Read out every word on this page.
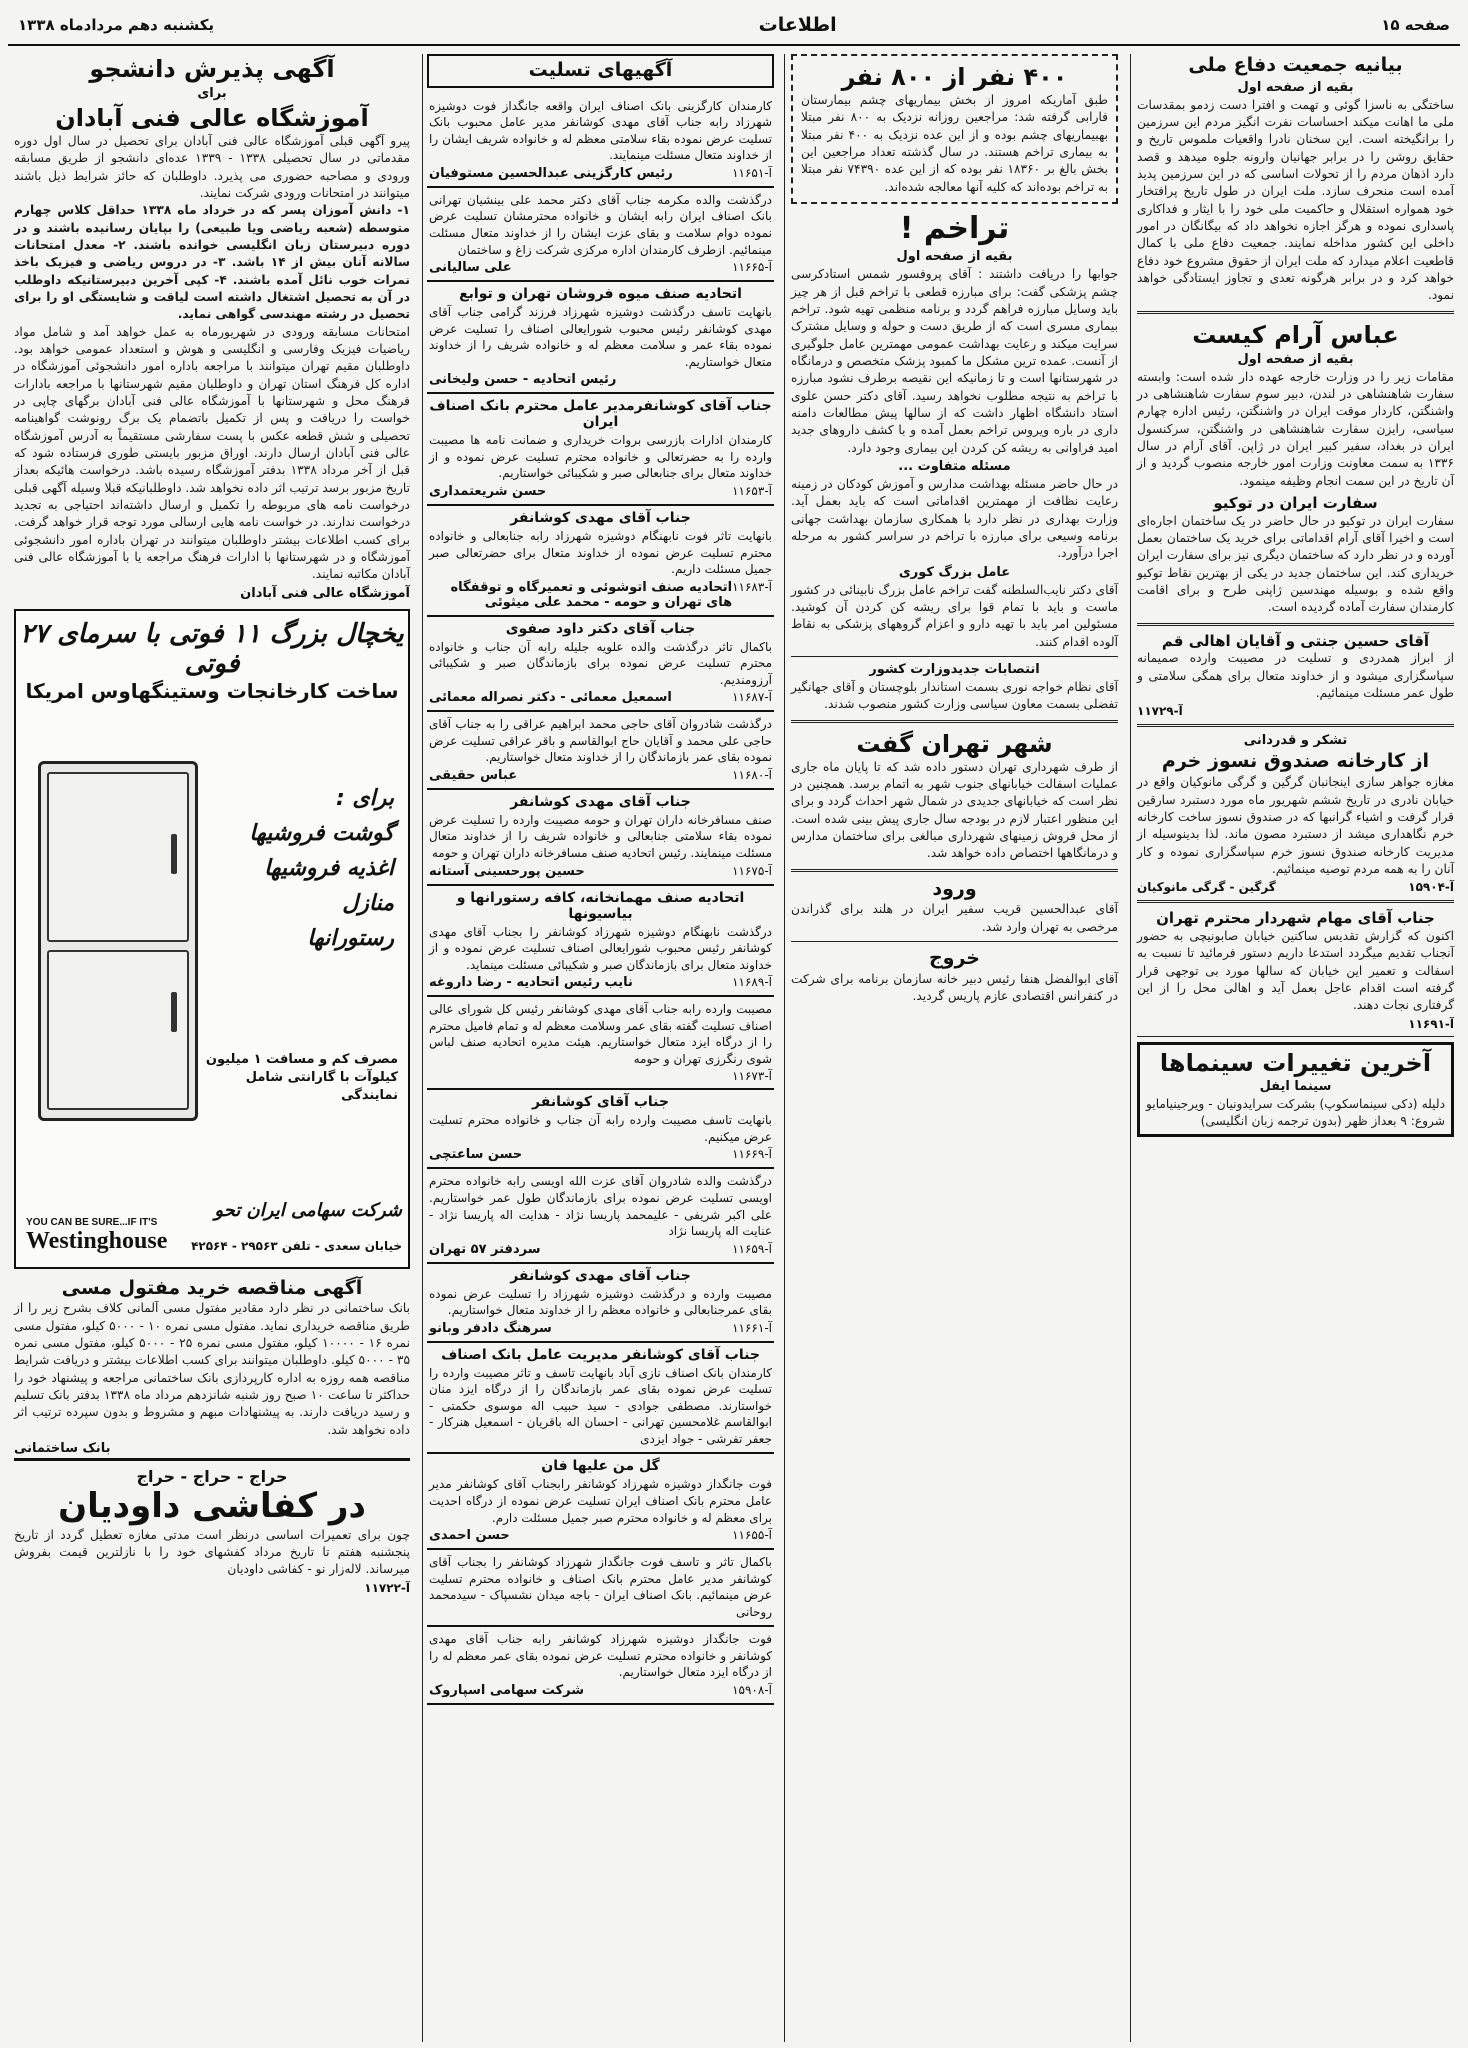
صفحه ۱۵
اطلاعات
یکشنبه دهم مردادماه ۱۳۳۸
بیانیه جمعیت دفاع ملی
بقیه از صفحه اول
ساختگی به ناسزا گوئی و تهمت و افترا دست زدمو بمقدسات ملی ما اهانت میکند احساسات نفرت انگیز مردم این سرزمین را برانگیخته است. این سخنان نادرا واقعیات ملموس تاریخ و حقایق روشن را در برابر جهانیان وارونه جلوه میدهد و قصد دارد اذهان مردم را از تحولات اساسی که در این سرزمین پدید آمده است منحرف سازد. ملت ایران در طول تاریخ پرافتخار خود همواره استقلال و حاکمیت ملی خود را با ایثار و فداکاری پاسداری نموده و هرگز اجازه نخواهد داد که بیگانگان در امور داخلی این کشور مداخله نمایند. جمعیت دفاع ملی با کمال قاطعیت اعلام میدارد که ملت ایران از حقوق مشروع خود دفاع خواهد کرد و در برابر هرگونه تعدی و تجاوز ایستادگی خواهد نمود.
عباس آرام کیست
بقیه از صفحه اول
مقامات زیر را در وزارت خارجه عهده دار شده است: وابسته سفارت شاهنشاهی در لندن، دبیر سوم سفارت شاهنشاهی در واشنگتن، کاردار موقت ایران در واشنگتن، رئیس اداره چهارم سیاسی، رایزن سفارت شاهنشاهی در واشنگتن، سرکنسول ایران در بغداد، سفیر کبیر ایران در ژاپن. آقای آرام در سال ۱۳۳۶ به سمت معاونت وزارت امور خارجه منصوب گردید و از آن تاریخ در این سمت انجام وظیفه مینمود.
سفارت ایران در توکیو
سفارت ایران در توکیو در حال حاضر در یک ساختمان اجاره‌ای است و اخیرا آقای آرام اقداماتی برای خرید یک ساختمان بعمل آورده و در نظر دارد که ساختمان دیگری نیز برای سفارت ایران خریداری کند. این ساختمان جدید در یکی از بهترین نقاط توکیو واقع شده و بوسیله مهندسین ژاپنی طرح و برای اقامت کارمندان سفارت آماده گردیده است.
آقای حسین جنتی و آقایان اهالی قم
از ابراز همدردی و تسلیت در مصیبت وارده صمیمانه سپاسگزاری میشود و از خداوند متعال برای همگی سلامتی و طول عمر مسئلت مینمائیم.
آ-۱۱۷۲۹
تشکر و قدردانی
از کارخانه صندوق نسوز خرم
مغازه جواهر سازی اینجانبان گرگین و گرگی مانوکیان واقع در خیابان نادری در تاریخ ششم شهریور ماه مورد دستبرد سارقین قرار گرفت و اشیاء گرانبها که در صندوق نسوز ساخت کارخانه خرم نگاهداری میشد از دستبرد مصون ماند. لذا بدینوسیله از مدیریت کارخانه صندوق نسوز خرم سپاسگزاری نموده و کار آنان را به همه مردم توصیه مینمائیم.
آ-۱۵۹۰۴
گرگین - گرگی مانوکیان
جناب آقای مهام شهردار محترم تهران
اکنون که گزارش تقدیس ساکنین خیابان صابونیچی به حضور آنجناب تقدیم میگردد استدعا داریم دستور فرمائید تا نسبت به اسفالت و تعمیر این خیابان که سالها مورد بی توجهی قرار گرفته است اقدام عاجل بعمل آید و اهالی محل را از این گرفتاری نجات دهند.
آ-۱۱۶۹۱
آخرین تغییرات سینماها
سینما ایفل
دلیله (دکی سینماسکوپ) بشرکت سرایدونیان - ویرجینیامایو شروع: ۹ بعداز ظهر (بدون ترجمه زبان انگلیسی)
۴۰۰ نفر از ۸۰۰ نفر
طبق آماریکه امروز از بخش بیماریهای چشم بیمارستان فارابی گرفته شد: مراجعین روزانه نزدیک به ۸۰۰ نفر مبتلا بهبیماریهای چشم بوده و از این عده نزدیک به ۴۰۰ نفر مبتلا به بیماری تراخم هستند. در سال گذشته تعداد مراجعین این بخش بالغ بر ۱۸۳۶۰ نفر بوده که از این عده ۷۴۳۹۰ نفر مبتلا به تراخم بوده‌اند که کلیه آنها معالجه شده‌اند.
تراخم !
بقیه از صفحه اول
جوابها را دریافت داشتند : آقای پروفسور شمس استادکرسی چشم پزشکی گفت: برای مبارزه قطعی با تراخم قبل از هر چیز باید وسایل مبارزه فراهم گردد و برنامه منظمی تهیه شود. تراخم بیماری مسری است که از طریق دست و حوله و وسایل مشترک سرایت میکند و رعایت بهداشت عمومی مهمترین عامل جلوگیری از آنست. عمده ترین مشکل ما کمبود پزشک متخصص و درمانگاه در شهرستانها است و تا زمانیکه این نقیصه برطرف نشود مبارزه با تراخم به نتیجه مطلوب نخواهد رسید. آقای دکتر حسن علوی استاد دانشگاه اظهار داشت که از سالها پیش مطالعات دامنه داری در باره ویروس تراخم بعمل آمده و با کشف داروهای جدید امید فراوانی به ریشه کن کردن این بیماری وجود دارد.
مسئله متفاوت ...
در حال حاضر مسئله بهداشت مدارس و آموزش کودکان در زمینه رعایت نظافت از مهمترین اقداماتی است که باید بعمل آید. وزارت بهداری در نظر دارد با همکاری سازمان بهداشت جهانی برنامه وسیعی برای مبارزه با تراخم در سراسر کشور به مرحله اجرا درآورد.
عامل بزرگ کوری
آقای دکتر نایب‌السلطنه گفت تراخم عامل بزرگ نابینائی در کشور ماست و باید با تمام قوا برای ریشه کن کردن آن کوشید. مسئولین امر باید با تهیه دارو و اعزام گروههای پزشکی به نقاط آلوده اقدام کنند.
انتصابات جدیدوزارت کشور
آقای نظام خواجه نوری بسمت استاندار بلوچستان و آقای جهانگیر تفضلی بسمت معاون سیاسی وزارت کشور منصوب شدند.
شهر تهران گفت
از طرف شهرداری تهران دستور داده شد که تا پایان ماه جاری عملیات اسفالت خیابانهای جنوب شهر به اتمام برسد. همچنین در نظر است که خیابانهای جدیدی در شمال شهر احداث گردد و برای این منظور اعتبار لازم در بودجه سال جاری پیش بینی شده است. از محل فروش زمینهای شهرداری مبالغی برای ساختمان مدارس و درمانگاهها اختصاص داده خواهد شد.
ورود
آقای عبدالحسین قریب سفیر ایران در هلند برای گذراندن مرخصی به تهران وارد شد.
خروج
آقای ابوالفضل هنفا رئیس دبیر خانه سازمان برنامه برای شرکت در کنفرانس اقتصادی عازم پاریس گردید.
آگهیهای تسلیت
کارمندان کارگزینی بانک اصناف ایران واقعه جانگداز فوت دوشیزه شهرزاد رابه جناب آقای مهدی کوشانفر مدیر عامل محبوب بانک تسلیت عرض نموده بقاء سلامتی معظم له و خانواده شریف ایشان را از خداوند متعال مسئلت مینمایند.
آ-۱۱۶۵۱
رئیس کارگزینی عبدالحسین مستوفیان
درگذشت والده مکرمه جناب آقای دکتر محمد علی بینشیان تهرانی بانک اصناف ایران رابه ایشان و خانواده محترمشان تسلیت عرض نموده دوام سلامت و بقای عزت ایشان را از خداوند متعال مسئلت مینمائیم. ازطرف کارمندان اداره مرکزی شرکت زاغ و ساختمان
آ-۱۱۶۶۵
علی سالیانی
اتحادیه صنف میوه فروشان تهران و توابع
بانهایت تاسف درگذشت دوشیزه شهرزاد فرزند گرامی جناب آقای مهدی کوشانفر رئیس محبوب شورایعالی اصناف را تسلیت عرض نموده بقاء عمر و سلامت معظم له و خانواده شریف را از خداوند متعال خواستاریم.
رئیس اتحادیه - حسن ولیخانی
جناب آقای کوشانفرمدیر عامل محترم بانک اصناف ایران
کارمندان ادارات بازرسی بروات خریداری و ضمانت نامه ها مصیبت وارده را به حضرتعالی و خانواده محترم تسلیت عرض نموده و از خداوند متعال برای جنابعالی صبر و شکیبائی خواستاریم.
آ-۱۱۶۵۳
حسن شریعتمداری
جناب آقای مهدی کوشانفر
بانهایت تاثر فوت نابهنگام دوشیزه شهرزاد رابه جنابعالی و خانواده محترم تسلیت عرض نموده از خداوند متعال برای حضرتعالی صبر جمیل مسئلت داریم.
آ-۱۱۶۸۳
اتحادیه صنف اتوشوئی و تعمیرگاه و توقفگاه های تهران و حومه - محمد علی میثوئی
جناب آقای دکتر داود صفوی
باکمال تاثر درگذشت والده علویه جلیله رابه آن جناب و خانواده محترم تسلیت عرض نموده برای بازماندگان صبر و شکیبائی آرزومندیم.
آ-۱۱۶۸۷
اسمعیل معمائی - دکتر نصراله معمائی
درگذشت شادروان آقای حاجی محمد ابراهیم عراقی را به جناب آقای حاجی علی محمد و آقایان حاج ابوالقاسم و باقر عراقی تسلیت عرض نموده بقای عمر بازماندگان را از خداوند متعال خواستاریم.
آ-۱۱۶۸۰
عباس حقیقی
جناب آقای مهدی کوشانفر
صنف مسافرخانه داران تهران و حومه مصیبت وارده را تسلیت عرض نموده بقاء سلامتی جنابعالی و خانواده شریف را از خداوند متعال مسئلت مینمایند. رئیس اتحادیه صنف مسافرخانه داران تهران و حومه
آ-۱۱۶۷۵
حسین پورحسینی آستانه
اتحادیه صنف مهمانخانه، کافه رستورانها و بیاسیونها
درگذشت نابهنگام دوشیزه شهرزاد کوشانفر را بجناب آقای مهدی کوشانفر رئیس محبوب شورایعالی اصناف تسلیت عرض نموده و از خداوند متعال برای بازماندگان صبر و شکیبائی مسئلت مینماید.
آ-۱۱۶۸۹
نایب رئیس اتحادیه - رضا داروغه
مصیبت وارده رابه جناب آقای مهدی کوشانفر رئیس کل شورای عالی اصناف تسلیت گفته بقای عمر وسلامت معظم له و تمام فامیل محترم را از درگاه ایزد متعال خواستاریم. هیئت مدیره اتحادیه صنف لباس شوی رنگرزی تهران و حومه
آ-۱۱۶۷۳
جناب آقای کوشانفر
بانهایت تاسف مصیبت وارده رابه آن جناب و خانواده محترم تسلیت عرض میکنیم.
آ-۱۱۶۶۹
حسن ساعتچی
درگذشت والده شادروان آقای عزت الله اویسی رابه خانواده محترم اویسی تسلیت عرض نموده برای بازماندگان طول عمر خواستاریم. علی اکبر شریفی - علیمحمد پاریسا نژاد - هدایت اله پاریسا نژاد - عنایت اله پاریسا نژاد
آ-۱۱۶۵۹
سردفتر ۵۷ تهران
جناب آقای مهدی کوشانفر
مصیبت وارده و درگذشت دوشیزه شهرزاد را تسلیت عرض نموده بقای عمرجنابعالی و خانواده معظم را از خداوند متعال خواستاریم.
آ-۱۱۶۶۱
سرهنگ دادفر وبانو
جناب آقای کوشانفر مدیریت عامل بانک اصناف
کارمندان بانک اصناف نازی آباد بانهایت تاسف و تاثر مصیبت وارده را تسلیت عرض نموده بقای عمر بازماندگان را از درگاه ایزد منان خواستارند. مصطفی جوادی - سید حبیب اله موسوی حکمتی - ابوالقاسم غلامحسین تهرانی - احسان اله باقریان - اسمعیل هنرکار - جعفر تفرشی - جواد ایزدی
گل من علیها فان
فوت جانگداز دوشیزه شهرزاد کوشانفر رابجناب آقای کوشانفر مدیر عامل محترم بانک اصناف ایران تسلیت عرض نموده از درگاه احدیت برای معظم له و خانواده محترم صبر جمیل مسئلت دارم.
آ-۱۱۶۵۵
حسن احمدی
باکمال تاثر و تاسف فوت جانگداز شهرزاد کوشانفر را بجناب آقای کوشانفر مدیر عامل محترم بانک اصناف و خانواده محترم تسلیت عرض مینمائیم. بانک اصناف ایران - باجه میدان نشسپاک - سیدمحمد روحانی
فوت جانگداز دوشیزه شهرزاد کوشانفر رابه جناب آقای مهدی کوشانفر و خانواده محترم تسلیت عرض نموده بقای عمر معظم له را از درگاه ایزد متعال خواستاریم.
آ-۱۵۹۰۸
شرکت سهامی اسپاروک
آگهی پذیرش دانشجو
برای
آموزشگاه عالی فنی آبادان
پیرو آگهی قبلی آموزشگاه عالی فنی آبادان برای تحصیل در سال اول دوره مقدماتی در سال تحصیلی ۱۳۳۸ - ۱۳۳۹ عده‌ای دانشجو از طریق مسابقه ورودی و مصاحبه حضوری می پذیرد. داوطلبان که حائز شرایط ذیل باشند میتوانند در امتحانات ورودی شرکت نمایند.
۱- دانش آموزان پسر که در خرداد ماه ۱۳۳۸ حداقل کلاس چهارم متوسطه (شعبه ریاضی ویا طبیعی) را بپایان رسانیده باشند و در دوره دبیرستان زبان انگلیسی خوانده باشند. ۲- معدل امتحانات سالانه آنان بیش از ۱۴ باشد. ۳- در دروس ریاضی و فیزیک باخذ نمرات خوب نائل آمده باشند. ۴- کپی آخرین دبیرستانیکه داوطلب در آن به تحصیل اشتغال داشته است لیاقت و شایستگی او را برای تحصیل در رشته مهندسی گواهی نماید.
امتحانات مسابقه ورودی در شهریورماه به عمل خواهد آمد و شامل مواد ریاضیات فیزیک وفارسی و انگلیسی و هوش و استعداد عمومی خواهد بود. داوطلبان مقیم تهران میتوانند با مراجعه باداره امور دانشجوئی آموزشگاه در اداره کل فرهنگ استان تهران و داوطلبان مقیم شهرستانها با مراجعه بادارات فرهنگ محل و شهرستانها با آموزشگاه عالی فنی آبادان برگهای چاپی در خواست را دریافت و پس از تکمیل باتضمام یک برگ رونوشت گواهینامه تحصیلی و شش قطعه عکس با پست سفارشی مستقیماً به آدرس آموزشگاه عالی فنی آبادان ارسال دارند. اوراق مزبور بایستی طوری فرستاده شود که قبل از آخر مرداد ۱۳۳۸ بدفتر آموزشگاه رسیده باشد. درخواست هائیکه بعداز تاریخ مزبور برسد ترتیب اثر داده نخواهد شد. داوطلبانیکه قبلا وسیله آگهی قبلی درخواست نامه های مربوطه را تکمیل و ارسال داشته‌اند احتیاجی به تجدید درخواست ندارند. در خواست نامه هایی ارسالی مورد توجه قرار خواهد گرفت. برای کسب اطلاعات بیشتر داوطلبان میتوانند در تهران باداره امور دانشجوئی آموزشگاه و در شهرستانها با ادارات فرهنگ مراجعه یا با آموزشگاه عالی فنی آبادان مکاتبه نمایند.
آموزشگاه عالی فنی آبادان
یخچال بزرگ ۱۱ فوتی با سرمای ۲۷ فوتی
ساخت کارخانجات وستینگهاوس امریکا
برای :
گوشت فروشیها
اغذیه فروشیها
منازل
رستورانها
مصرف کم و مسافت ۱ میلیون کیلوآت با گارانتی شامل نمایندگی
شرکت سهامی ایران تحو
خیابان سعدی - تلفن ۲۹۵۶۳ - ۴۲۵۶۴
YOU CAN BE SURE...IF IT'S
Westinghouse
آگهی مناقصه خرید مفتول مسی
بانک ساختمانی در نظر دارد مقادیر مفتول مسی آلمانی کلاف بشرح زیر را از طریق مناقصه خریداری نماید. مفتول مسی نمره ۱۰ - ۵۰۰۰ کیلو، مفتول مسی نمره ۱۶ - ۱۰۰۰۰ کیلو، مفتول مسی نمره ۲۵ - ۵۰۰۰ کیلو، مفتول مسی نمره ۳۵ - ۵۰۰۰ کیلو. داوطلبان میتوانند برای کسب اطلاعات بیشتر و دریافت شرایط مناقصه همه روزه به اداره کارپردازی بانک ساختمانی مراجعه و پیشنهاد خود را حداکثر تا ساعت ۱۰ صبح روز شنبه شانزدهم مرداد ماه ۱۳۳۸ بدفتر بانک تسلیم و رسید دریافت دارند. به پیشنهادات مبهم و مشروط و بدون سپرده ترتیب اثر داده نخواهد شد.
بانک ساختمانی
حراج - حراج - حراج
در کفاشی داودیان
چون برای تعمیرات اساسی درنظر است مدتی مغازه تعطیل گردد از تاریخ پنجشنبه هفتم تا تاریخ مرداد کفشهای خود را با نازلترین قیمت بفروش میرساند. لاله‌زار نو - کفاشی داودیان
آ-۱۱۷۲۲
